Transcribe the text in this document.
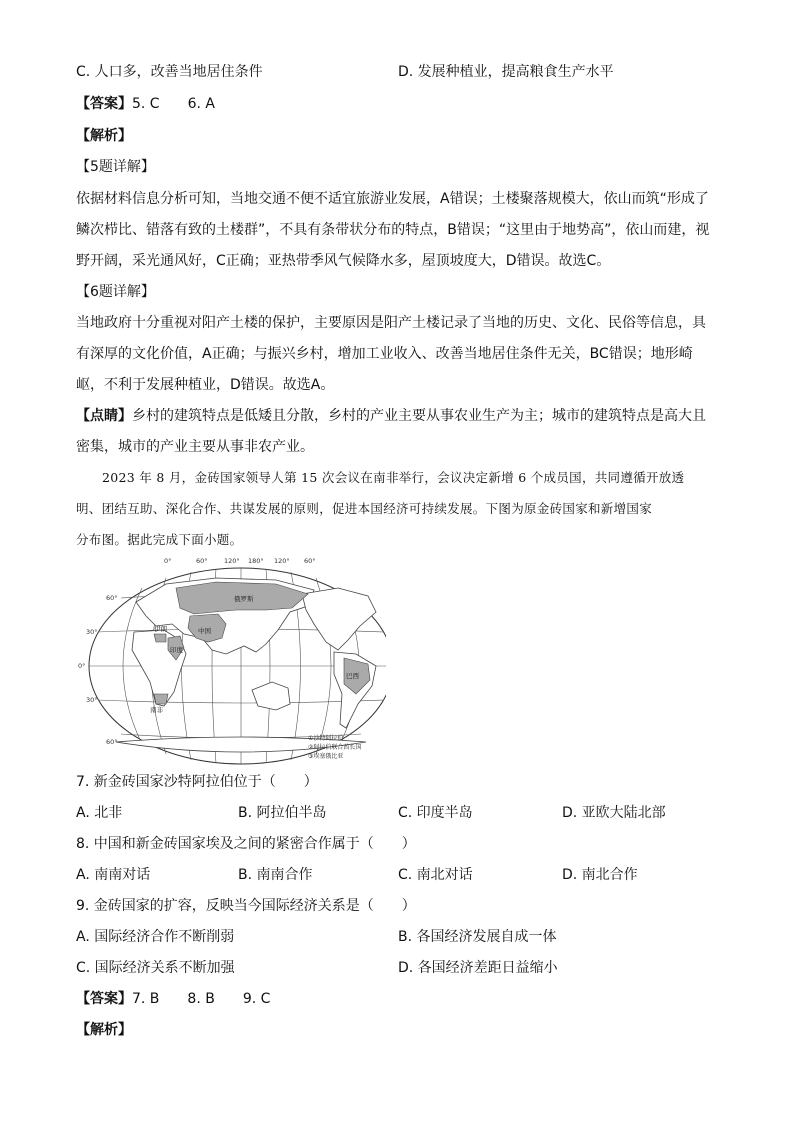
C. 人口多，改善当地居住条件	D. 发展种植业，提高粮食生产水平
【答案】5. C　　6. A
【解析】
【5题详解】
依据材料信息分析可知，当地交通不便不适宜旅游业发展，A错误；土楼聚落规模大，依山而筑“形成了
鳞次栉比、错落有致的土楼群”，不具有条带状分布的特点，B错误；“这里由于地势高”，依山而建，视
野开阔，采光通风好，C正确；亚热带季风气候降水多，屋顶坡度大，D错误。故选C。
【6题详解】
当地政府十分重视对阳产土楼的保护，主要原因是阳产土楼记录了当地的历史、文化、民俗等信息，具
有深厚的文化价值，A正确；与振兴乡村，增加工业收入、改善当地居住条件无关，BC错误；地形崎
岖，不利于发展种植业，D错误。故选A。
【点睛】乡村的建筑特点是低矮且分散，乡村的产业主要从事农业生产为主；城市的建筑特点是高大且
密集，城市的产业主要从事非农产业。
2023 年 8 月，金砖国家领导人第 15 次会议在南非举行，会议决定新增 6 个成员国，共同遵循开放透
明、团结互助、深化合作、共谋发展的原则，促进本国经济可持续发展。下图为原金砖国家和新增国家
分布图。据此完成下面小题。
0°	60°	120° 180° 120° 60°
60°
30°
0°
30°
60°
俄罗斯
中国
印度
伊朗
巴西
南非
①沙特阿拉伯
②阿拉伯联合酋长国
③埃塞俄比亚
7. 新金砖国家沙特阿拉伯位于（　　）
A. 北非	B. 阿拉伯半岛	C. 印度半岛	D. 亚欧大陆北部
8. 中国和新金砖国家埃及之间的紧密合作属于（　　）
A. 南南对话	B. 南南合作	C. 南北对话	D. 南北合作
9. 金砖国家的扩容，反映当今国际经济关系是（　　）
A. 国际经济合作不断削弱	B. 各国经济发展自成一体
C. 国际经济关系不断加强	D. 各国经济差距日益缩小
【答案】7. B　　8. B　　9. C
【解析】
